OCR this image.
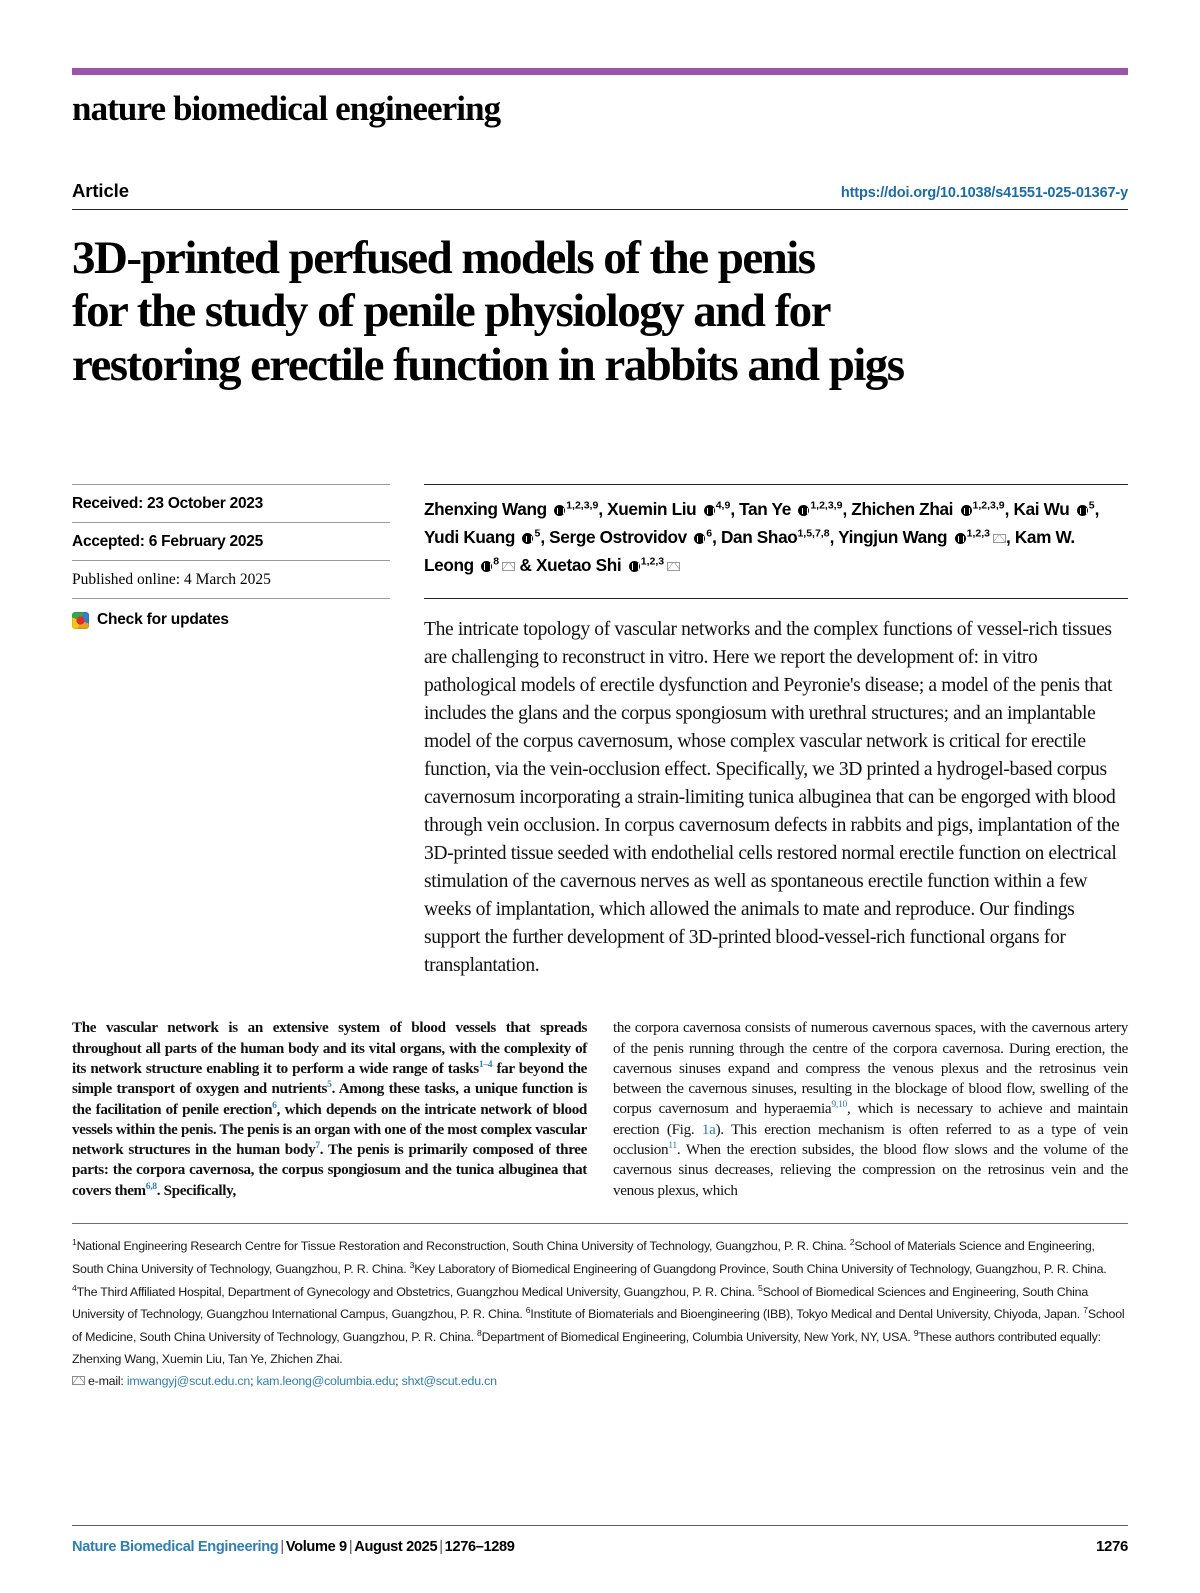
nature biomedical engineering
Article	https://doi.org/10.1038/s41551-025-01367-y
3D-printed perfused models of the penis
for the study of penile physiology and for
restoring erectile function in rabbits and pigs
Received: 23 October 2023
Accepted: 6 February 2025
Published online: 4 March 2025
Check for updates
Zhenxing Wang $^{1,2,3,9}$, Xuemin Liu $^{4,9}$, Tan Ye $^{1,2,3,9}$, Zhichen Zhai $^{1,2,3,9}$, Kai Wu $^5$, Yudi Kuang $^5$, Serge Ostrovidov $^6$, Dan Shao$^{1,5,7,8}$, Yingjun Wang $^{1,2,3}$ , Kam W. Leong $^8$ & Xuetao Shi $^{1,2,3}$
The intricate topology of vascular networks and the complex functions of vessel-rich tissues are challenging to reconstruct in vitro. Here we report the development of: in vitro pathological models of erectile dysfunction and Peyronie's disease; a model of the penis that includes the glans and the corpus spongiosum with urethral structures; and an implantable model of the corpus cavernosum, whose complex vascular network is critical for erectile function, via the vein-occlusion effect. Specifically, we 3D printed a hydrogel-based corpus cavernosum incorporating a strain-limiting tunica albuginea that can be engorged with blood through vein occlusion. In corpus cavernosum defects in rabbits and pigs, implantation of the 3D-printed tissue seeded with endothelial cells restored normal erectile function on electrical stimulation of the cavernous nerves as well as spontaneous erectile function within a few weeks of implantation, which allowed the animals to mate and reproduce. Our findings support the further development of 3D-printed blood-vessel-rich functional organs for transplantation.
The vascular network is an extensive system of blood vessels that spreads throughout all parts of the human body and its vital organs, with the complexity of its network structure enabling it to perform a wide range of tasks$^{1-4}$ far beyond the simple transport of oxygen and nutrients$^5$. Among these tasks, a unique function is the facilitation of penile erection$^6$, which depends on the intricate network of blood vessels within the penis. The penis is an organ with one of the most complex vascular network structures in the human body$^7$. The penis is primarily composed of three parts: the corpora cavernosa, the corpus spongiosum and the tunica albuginea that covers them$^{6,8}$. Specifically,
the corpora cavernosa consists of numerous cavernous spaces, with the cavernous artery of the penis running through the centre of the corpora cavernosa. During erection, the cavernous sinuses expand and compress the venous plexus and the retrosinus vein between the cavernous sinuses, resulting in the blockage of blood flow, swelling of the corpus cavernosum and hyperaemia$^{9,10}$, which is necessary to achieve and maintain erection (Fig. 1a). This erection mechanism is often referred to as a type of vein occlusion$^{11}$. When the erection subsides, the blood flow slows and the volume of the cavernous sinus decreases, relieving the compression on the retrosinus vein and the venous plexus, which
$^1$National Engineering Research Centre for Tissue Restoration and Reconstruction, South China University of Technology, Guangzhou, P. R. China. $^2$School of Materials Science and Engineering, South China University of Technology, Guangzhou, P. R. China. $^3$Key Laboratory of Biomedical Engineering of Guangdong Province, South China University of Technology, Guangzhou, P. R. China. $^4$The Third Affiliated Hospital, Department of Gynecology and Obstetrics, Guangzhou Medical University, Guangzhou, P. R. China. $^5$School of Biomedical Sciences and Engineering, South China University of Technology, Guangzhou International Campus, Guangzhou, P. R. China. $^6$Institute of Biomaterials and Bioengineering (IBB), Tokyo Medical and Dental University, Chiyoda, Japan. $^7$School of Medicine, South China University of Technology, Guangzhou, P. R. China. $^8$Department of Biomedical Engineering, Columbia University, New York, NY, USA. $^9$These authors contributed equally: Zhenxing Wang, Xuemin Liu, Tan Ye, Zhichen Zhai.
e-mail: imwangyj@scut.edu.cn; kam.leong@columbia.edu; shxt@scut.edu.cn
Nature Biomedical Engineering | Volume 9 | August 2025 | 1276–1289	1276
